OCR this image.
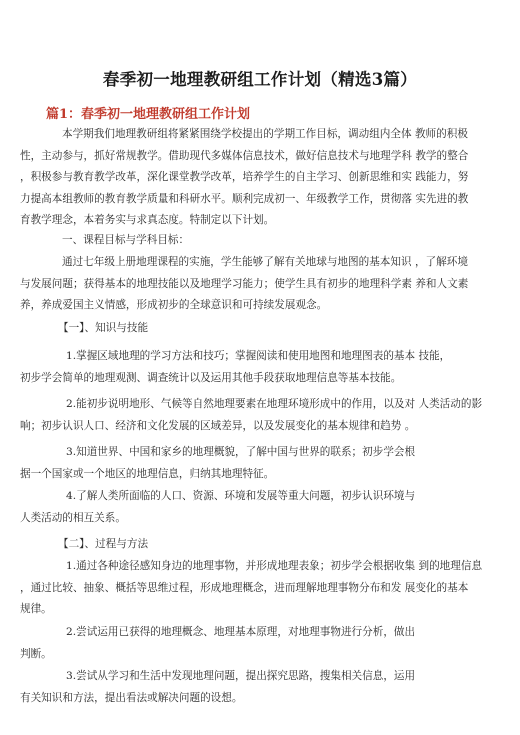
春季初一地理教研组工作计划（精选3篇）
篇1：春季初一地理教研组工作计划

本学期我们地理教研组将紧紧围绕学校提出的学期工作目标，调动组内全体 教师的积极
性，主动参与，抓好常规教学。借助现代多媒体信息技术，做好信息技术与地理学科 教学的整合
，积极参与教育教学改革，深化课堂教学改革，培养学生的自主学习、创新思维和实 践能力，努
力提高本组教师的教育教学质量和科研水平。顺利完成初一、年级教学工作，贯彻落 实先进的教
育教学理念，本着务实与求真态度。特制定以下计划。

一、课程目标与学科目标：

通过七年级上册地理课程的实施，学生能够了解有关地球与地图的基本知识 ，了解环境
与发展问题；获得基本的地理技能以及地理学习能力；使学生具有初步的地理科学素 养和人文素
养，养成爱国主义情感，形成初步的全球意识和可持续发展观念。

【一】、知识与技能

1.掌握区域地理的学习方法和技巧；掌握阅读和使用地图和地理图表的基本 技能，
初步学会简单的地理观测、调查统计以及运用其他手段获取地理信息等基本技能。

2.能初步说明地形、气候等自然地理要素在地理环境形成中的作用，以及对 人类活动的影
响；初步认识人口、经济和文化发展的区域差异，以及发展变化的基本规律和趋势 。

3.知道世界、中国和家乡的地理概貌，了解中国与世界的联系；初步学会根
据一个国家或一个地区的地理信息，归纳其地理特征。

4.了解人类所面临的人口、资源、环境和发展等重大问题，初步认识环境与
人类活动的相互关系。

【二】、过程与方法

1.通过各种途径感知身边的地理事物，并形成地理表象；初步学会根据收集 到的地理信息
，通过比较、抽象、概括等思维过程，形成地理概念，进而理解地理事物分布和发 展变化的基本
规律。

2.尝试运用已获得的地理概念、地理基本原理，对地理事物进行分析，做出
判断。

3.尝试从学习和生活中发现地理问题，提出探究思路，搜集相关信息，运用
有关知识和方法，提出看法或解决问题的设想。
